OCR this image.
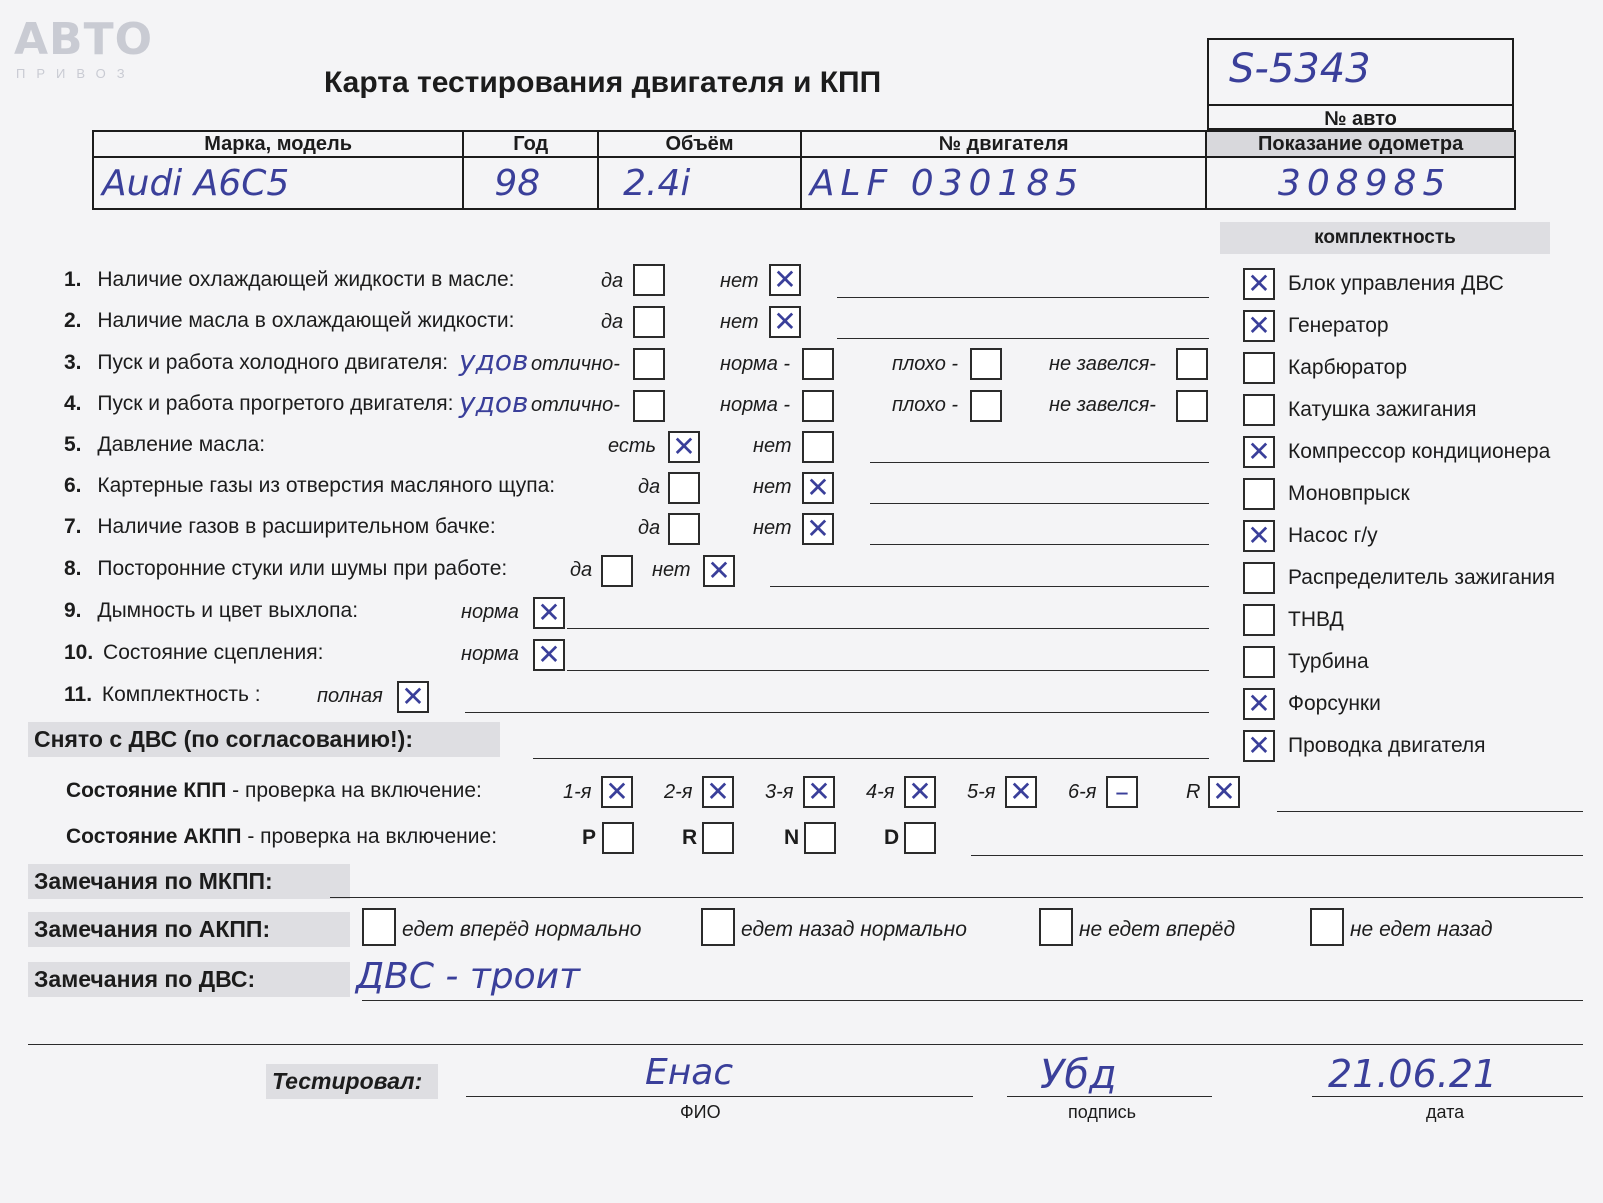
АВТО
ПРИВОЗ	Карта тестирования двигателя и КПП	S-5343
№ авто
Марка, модель	Год	Объём	№ двигателя	Показание одометра
Audi A6C5	98	2.4i	ALF 030185	308985
комплектность
✕ Блок управления ДВС
✕ Генератор
Карбюратор
Катушка зажигания
✕ Компрессор кондиционера
Моновпрыск
✕ Насос г/у
Распределитель зажигания
ТНВД
Турбина
✕ Форсунки
✕ Проводка двигателя
1. Наличие охлаждающей жидкости в масле:	да	нет ✕
2. Наличие масла в охлаждающей жидкости:	да	нет ✕
3. Пуск и работа холодного двигателя: удов отлично-	норма -	плохо -	не завелся-
4. Пуск и работа прогретого двигателя: удов отлично-	норма -	плохо -	не завелся-
5. Давление масла:	есть ✕	нет
6. Картерные газы из отверстия масляного щупа:	да	нет ✕
7. Наличие газов в расширительном бачке:	да	нет ✕
8. Посторонние стуки или шумы при работе:	да	нет ✕
9. Дымность и цвет выхлопа:	норма ✕
10. Состояние сцепления:	норма ✕
11. Комплектность :	полная ✕
Снято с ДВС (по согласованию!):
Состояние КПП - проверка на включение:	1-я ✕ 2-я ✕ 3-я ✕ 4-я ✕ 5-я ✕ 6-я –	R ✕
Состояние АКПП - проверка на включение:	P	R	N	D
Замечания по МКПП:
Замечания по АКПП:	едет вперёд нормально	едет назад нормально	не едет вперёд	не едет назад
Замечания по ДВС:	ДВС - троит
Тестировал:	Енас
ФИО
Убд
подпись
21.06.21
дата
